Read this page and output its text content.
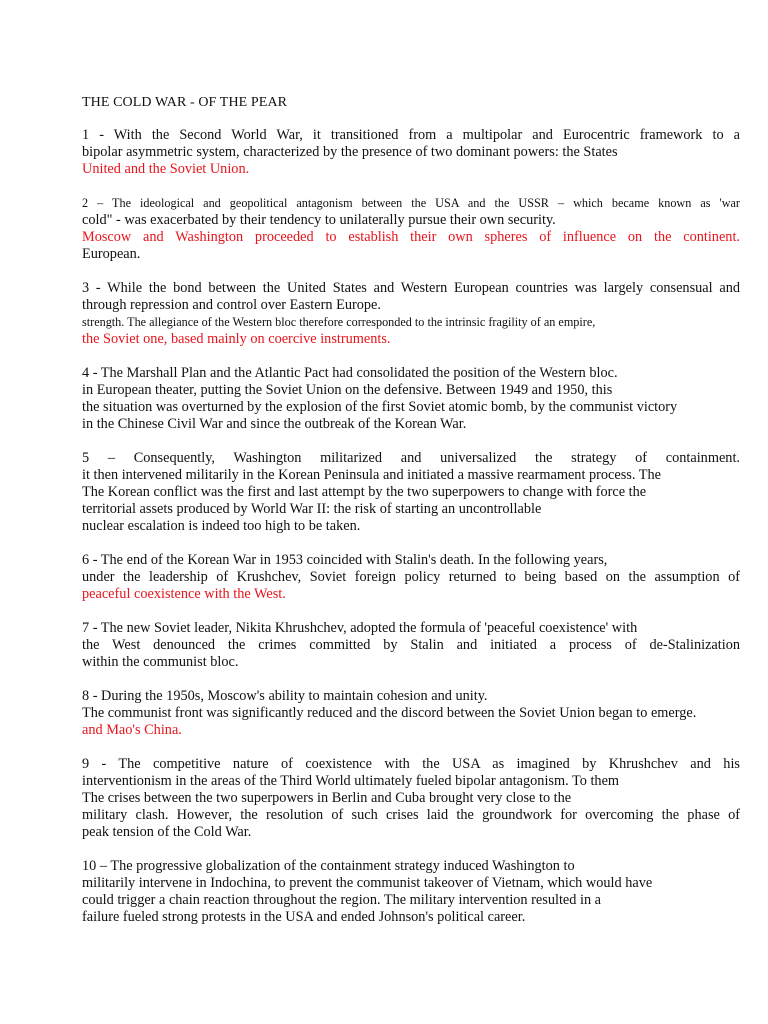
THE COLD WAR - OF THE PEAR
1 - With the Second World War, it transitioned from a multipolar and Eurocentric framework to a
bipolar asymmetric system, characterized by the presence of two dominant powers: the States
United and the Soviet Union.
2 – The ideological and geopolitical antagonism between the USA and the USSR – which became known as 'war
cold" - was exacerbated by their tendency to unilaterally pursue their own security.
Moscow and Washington proceeded to establish their own spheres of influence on the continent.
European.
3 - While the bond between the United States and Western European countries was largely consensual and
through repression and control over Eastern Europe.
strength. The allegiance of the Western bloc therefore corresponded to the intrinsic fragility of an empire,
the Soviet one, based mainly on coercive instruments.
4 - The Marshall Plan and the Atlantic Pact had consolidated the position of the Western bloc.
in European theater, putting the Soviet Union on the defensive. Between 1949 and 1950, this
the situation was overturned by the explosion of the first Soviet atomic bomb, by the communist victory
in the Chinese Civil War and since the outbreak of the Korean War.
5 – Consequently, Washington militarized and universalized the strategy of containment.
it then intervened militarily in the Korean Peninsula and initiated a massive rearmament process. The
The Korean conflict was the first and last attempt by the two superpowers to change with force the
territorial assets produced by World War II: the risk of starting an uncontrollable
nuclear escalation is indeed too high to be taken.
6 - The end of the Korean War in 1953 coincided with Stalin's death. In the following years,
under the leadership of Krushchev, Soviet foreign policy returned to being based on the assumption of
peaceful coexistence with the West.
7 - The new Soviet leader, Nikita Khrushchev, adopted the formula of 'peaceful coexistence' with
the West denounced the crimes committed by Stalin and initiated a process of de-Stalinization
within the communist bloc.
8 - During the 1950s, Moscow's ability to maintain cohesion and unity.
The communist front was significantly reduced and the discord between the Soviet Union began to emerge.
and Mao's China.
9 - The competitive nature of coexistence with the USA as imagined by Khrushchev and his
interventionism in the areas of the Third World ultimately fueled bipolar antagonism. To them
The crises between the two superpowers in Berlin and Cuba brought very close to the
military clash. However, the resolution of such crises laid the groundwork for overcoming the phase of
peak tension of the Cold War.
10 – The progressive globalization of the containment strategy induced Washington to
militarily intervene in Indochina, to prevent the communist takeover of Vietnam, which would have
could trigger a chain reaction throughout the region. The military intervention resulted in a
failure fueled strong protests in the USA and ended Johnson's political career.
